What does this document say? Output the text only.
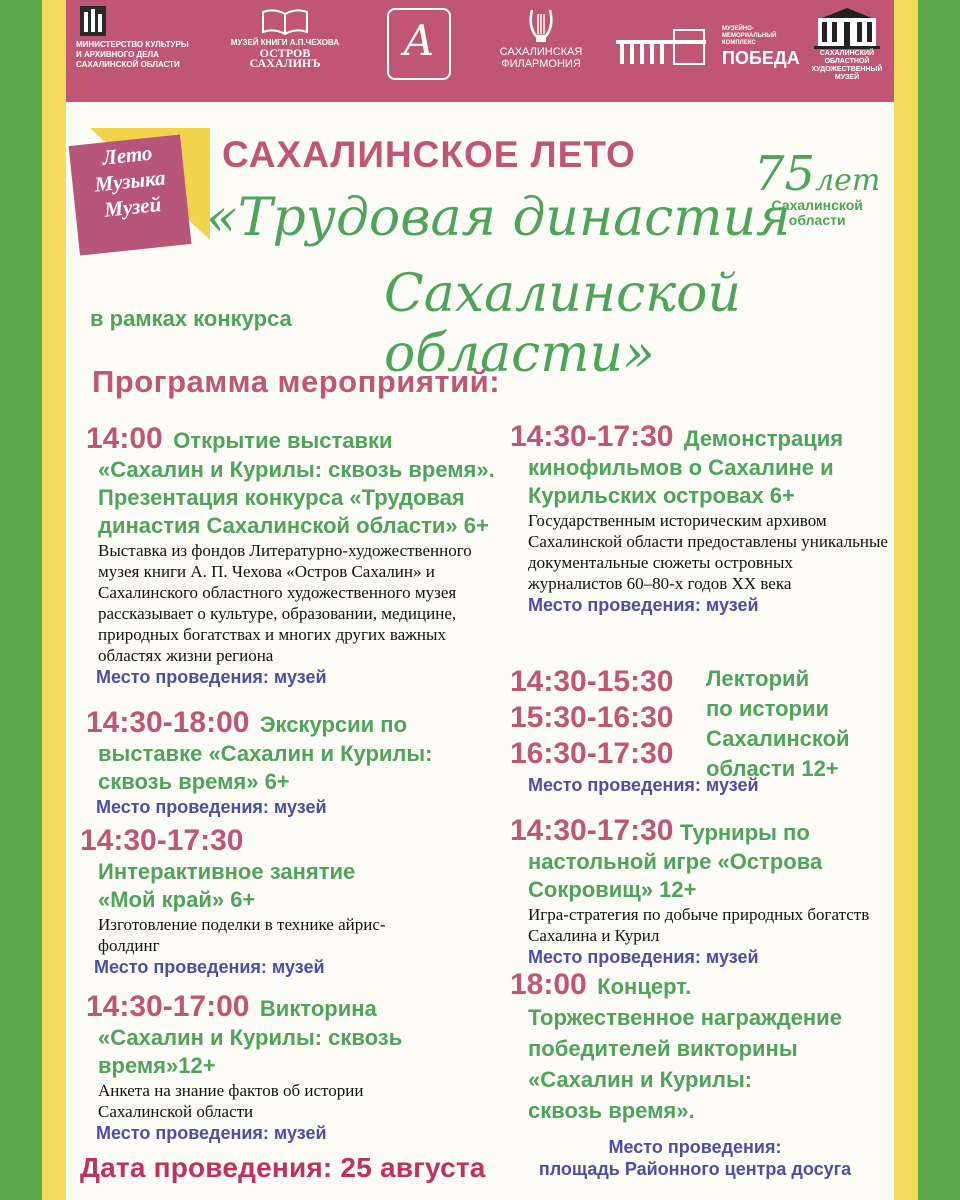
МИНИСТЕРСТВО КУЛЬТУРЫ И АРХИВНОГО ДЕЛА САХАЛИНСКОЙ ОБЛАСТИ
МУЗЕЙ КНИГИ А.П.ЧЕХОВА
ОСТРОВ САХАЛИНЪ	А	САХАЛИНСКАЯ ФИЛАРМОНИЯ
МУЗЕЙНО-МЕМОРИАЛЬНЫЙ КОМПЛЕКС
ПОБЕДА	САХАЛИНСКИЙ ОБЛАСТНОЙ ХУДОЖЕСТВЕННЫЙ МУЗЕЙ
Лето
Музыка
Музей
САХАЛИНСКОЕ ЛЕТО
«Трудовая династия
Сахалинской области»
в рамках конкурса
75лет
Сахалинской
области
Программа мероприятий:
14:00 Открытие выставки
«Сахалин и Курилы: сквозь время».
Презентация конкурса «Трудовая
династия Сахалинской области» 6+
Выставка из фондов Литературно-художественного музея книги А. П. Чехова «Остров Сахалин» и Сахалинского областного художественного музея рассказывает о культуре, образовании, медицине, природных богатствах и многих других важных областях жизни региона
Место проведения: музей
14:30-18:00 Экскурсии по
выставке «Сахалин и Курилы:
сквозь время» 6+
Место проведения: музей
14:30-17:30
Интерактивное занятие
«Мой край» 6+
Изготовление поделки в технике айрис-фолдинг
Место проведения: музей
14:30-17:00 Викторина
«Сахалин и Курилы: сквозь
время»12+
Анкета на знание фактов об истории Сахалинской области
Место проведения: музей
14:30-17:30 Демонстрация
кинофильмов о Сахалине и
Курильских островах 6+
Государственным историческим архивом Сахалинской области предоставлены уникальные документальные сюжеты островных журналистов 60–80-х годов XX века
Место проведения: музей
14:30-15:30
15:30-16:30
16:30-17:30
Лекторий
по истории
Сахалинской
области 12+
Место проведения: музей
14:30-17:30 Турниры по
настольной игре «Острова
Сокровищ» 12+
Игра-стратегия по добыче природных богатств Сахалина и Курил
Место проведения: музей
18:00 Концерт.
Торжественное награждение
победителей викторины
«Сахалин и Курилы:
сквозь время».
Место проведения:
площадь Районного центра досуга
Дата проведения: 25 августа
